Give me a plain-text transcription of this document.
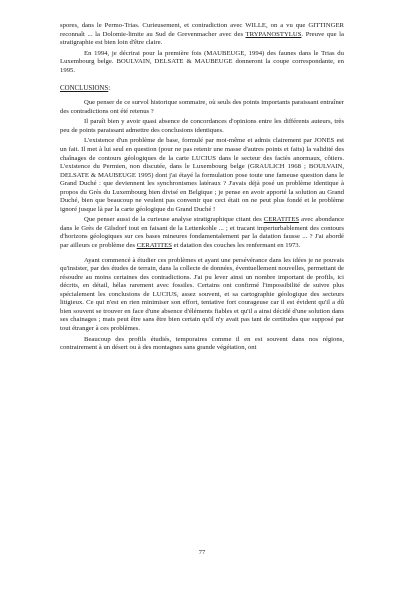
spores, dans le Permo-Trias. Curieusement, et contradiction avec WILLE, on a vu que GITTINGER reconnaît ... la Dolomie-limite au Sud de Grevenmacher avec des TRYPANOSTYLUS. Preuve que la stratigraphie est bien loin d'être claire.

En 1994, je décrirai pour la première fois (MAUBEUGE, 1994) des faunes dans le Trias du Luxembourg belge. BOULVAIN, DELSATE & MAUBEUGE donneront la coupe correspondante, en 1995.

CONCLUSIONS:

Que penser de ce survol historique sommaire, où seuls des points importants paraissant entraîner des contradictions ont été retenus ?

Il paraît bien y avoir quasi absence de concordances d'opinions entre les différents auteurs, très peu de points paraissant admettre des conclusions identiques.

L'existence d'un problème de base, formulé par moi-même et admis clairement par JONES est un fait. Il met à lui seul en question (pour ne pas retenir une masse d'autres points et faits) la validité des chaînages de contours géologiques de la carte LUCIUS dans le secteur des faciès anormaux, côtiers. L'existence du Permien, non discutée, dans le Luxembourg belge (GRAULICH 1968 ; BOULVAIN, DELSATE & MAUBEUGE 1995) dont j'ai étayé la formulation pose toute une fameuse question dans le Grand Duché : que deviennent les synchronismes latéraux ? J'avais déjà posé un problème identique à propos du Grès du Luxembourg bien divisé en Belgique ; je pense en avoir apporté la solution au Grand Duché, bien que beaucoup ne veulent pas convenir que ceci était on ne peut plus fondé et le problème ignoré jusque là par la carte géologique du Grand Duché !

Que penser aussi de la curieuse analyse stratigraphique citant des CERATITES avec abondance dans le Grès de Gilsdorf tout en faisant de la Lettenkohle ... ; et tracant imperturbablement des contours d'horizons géologiques sur ces bases mineures fondamentalement par la datation fausse ... ? J'ai abordé par ailleurs ce problème des CERATITES et datation des couches les renfermant en 1973.

Ayant commencé à étudier ces problèmes et ayant une persévérance dans les idées je ne pouvais qu'insister, par des études de terrain, dans la collecte de données, éventuellement nouvelles, permettant de résoudre au moins certaines des contradictions. J'ai pu lever ainsi un nombre important de profils, ici décrits, en détail, hélas rarement avec fossiles. Certains ont confirmé l'impossibilité de suivre plus spécialement les conclusions de LUCIUS, assez souvent, et sa cartographie géologique des secteurs litigieux. Ce qui n'est en rien minimiser son effort, tentative fort courageuse car il est évident qu'il a dû bien souvent se trouver en face d'une absence d'éléments fiables et qu'il a ainsi décidé d'une solution dans ses chainages ; mais peut être sans être bien certain qu'il n'y avait pas tant de certitudes que supposé par tout étranger à ces problèmes.

Beaucoup des profils étudiés, temporaires comme il en est souvent dans nos régions, contrairement à un désert ou à des montagnes sans grande végétation, ont

77
